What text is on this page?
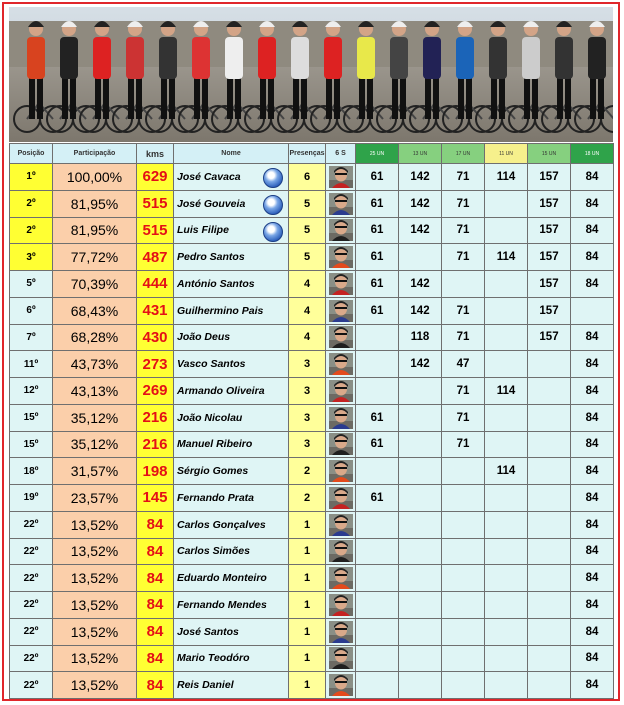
Posição	Participação	kms	Nome	Presenças	6 S	25 UN	13 UN	17 UN	11 UN	15 UN	18 UN
1º	100,00%	629	José Cavaca	6		61	142	71	114	157	84
2º	81,95%	515	José Gouveia	5		61	142	71		157	84
2º	81,95%	515	Luis Filipe	5		61	142	71		157	84
3º	77,72%	487	Pedro Santos	5		61		71	114	157	84
5º	70,39%	444	António Santos	4		61	142			157	84
6º	68,43%	431	Guilhermino Pais	4		61	142	71		157	
7º	68,28%	430	João Deus	4			118	71		157	84
11º	43,73%	273	Vasco Santos	3			142	47			84
12º	43,13%	269	Armando Oliveira	3				71	114		84
15º	35,12%	216	João Nicolau	3		61		71			84
15º	35,12%	216	Manuel Ribeiro	3		61		71			84
18º	31,57%	198	Sérgio Gomes	2					114		84
19º	23,57%	145	Fernando Prata	2		61					84
22º	13,52%	84	Carlos Gonçalves	1							84
22º	13,52%	84	Carlos Simões	1							84
22º	13,52%	84	Eduardo Monteiro	1							84
22º	13,52%	84	Fernando Mendes	1							84
22º	13,52%	84	José Santos	1							84
22º	13,52%	84	Mario Teodóro	1							84
22º	13,52%	84	Reis Daniel	1							84
